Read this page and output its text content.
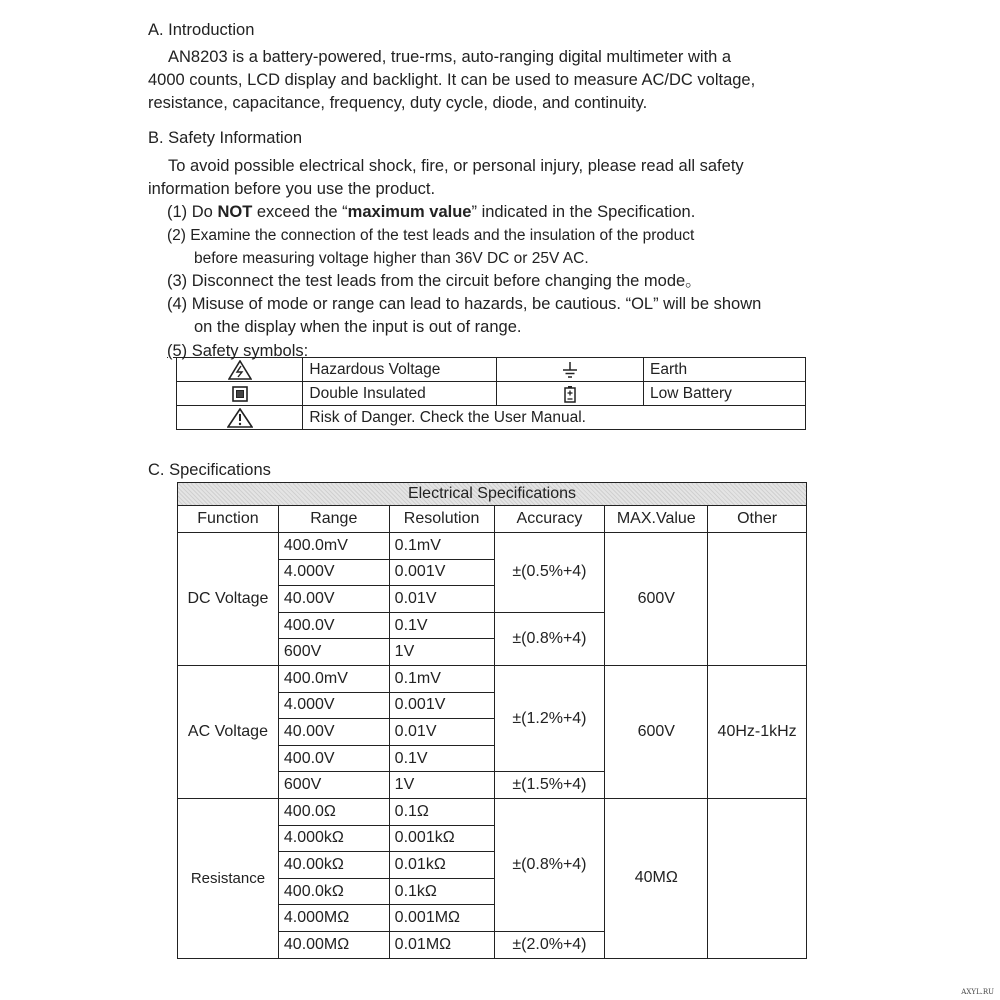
A. Introduction
AN8203 is a battery-powered, true-rms, auto-ranging digital multimeter with a
4000 counts, LCD display and backlight. It can be used to measure AC/DC voltage,
resistance, capacitance, frequency, duty cycle, diode, and continuity.
B. Safety Information
To avoid possible electrical shock, fire, or personal injury, please read all safety
information before you use the product.
(1) Do NOT exceed the “maximum value” indicated in the Specification.
(2) Examine the connection of the test leads and the insulation of the product
before measuring voltage higher than 36V DC or 25V AC.
(3) Disconnect the test leads from the circuit before changing the mode。
(4) Misuse of mode or range can lead to hazards, be cautious. “OL” will be shown
on the display when the input is out of range.
(5) Safety symbols:
	Hazardous Voltage		Earth

	Double Insulated		Low Battery

	Risk of Danger. Check the User Manual.		
C. Specifications
Electrical Specifications					
Function	Range	Resolution	Accuracy	MAX.Value	Other
DC Voltage	400.0mV	0.1mV	±(0.5%+4)	600V	
	4.000V	0.001V			
	40.00V	0.01V			
	400.0V	0.1V	±(0.8%+4)		
	600V	1V			
AC Voltage	400.0mV	0.1mV	±(1.2%+4)	600V	40Hz-1kHz
	4.000V	0.001V			
	40.00V	0.01V			
	400.0V	0.1V			
	600V	1V	±(1.5%+4)		
Resistance	400.0Ω	0.1Ω	±(0.8%+4)	40MΩ	
	4.000kΩ	0.001kΩ			
	40.00kΩ	0.01kΩ			
	400.0kΩ	0.1kΩ			
	4.000MΩ	0.001MΩ			
	40.00MΩ	0.01MΩ	±(2.0%+4)		
AXYL.RU
